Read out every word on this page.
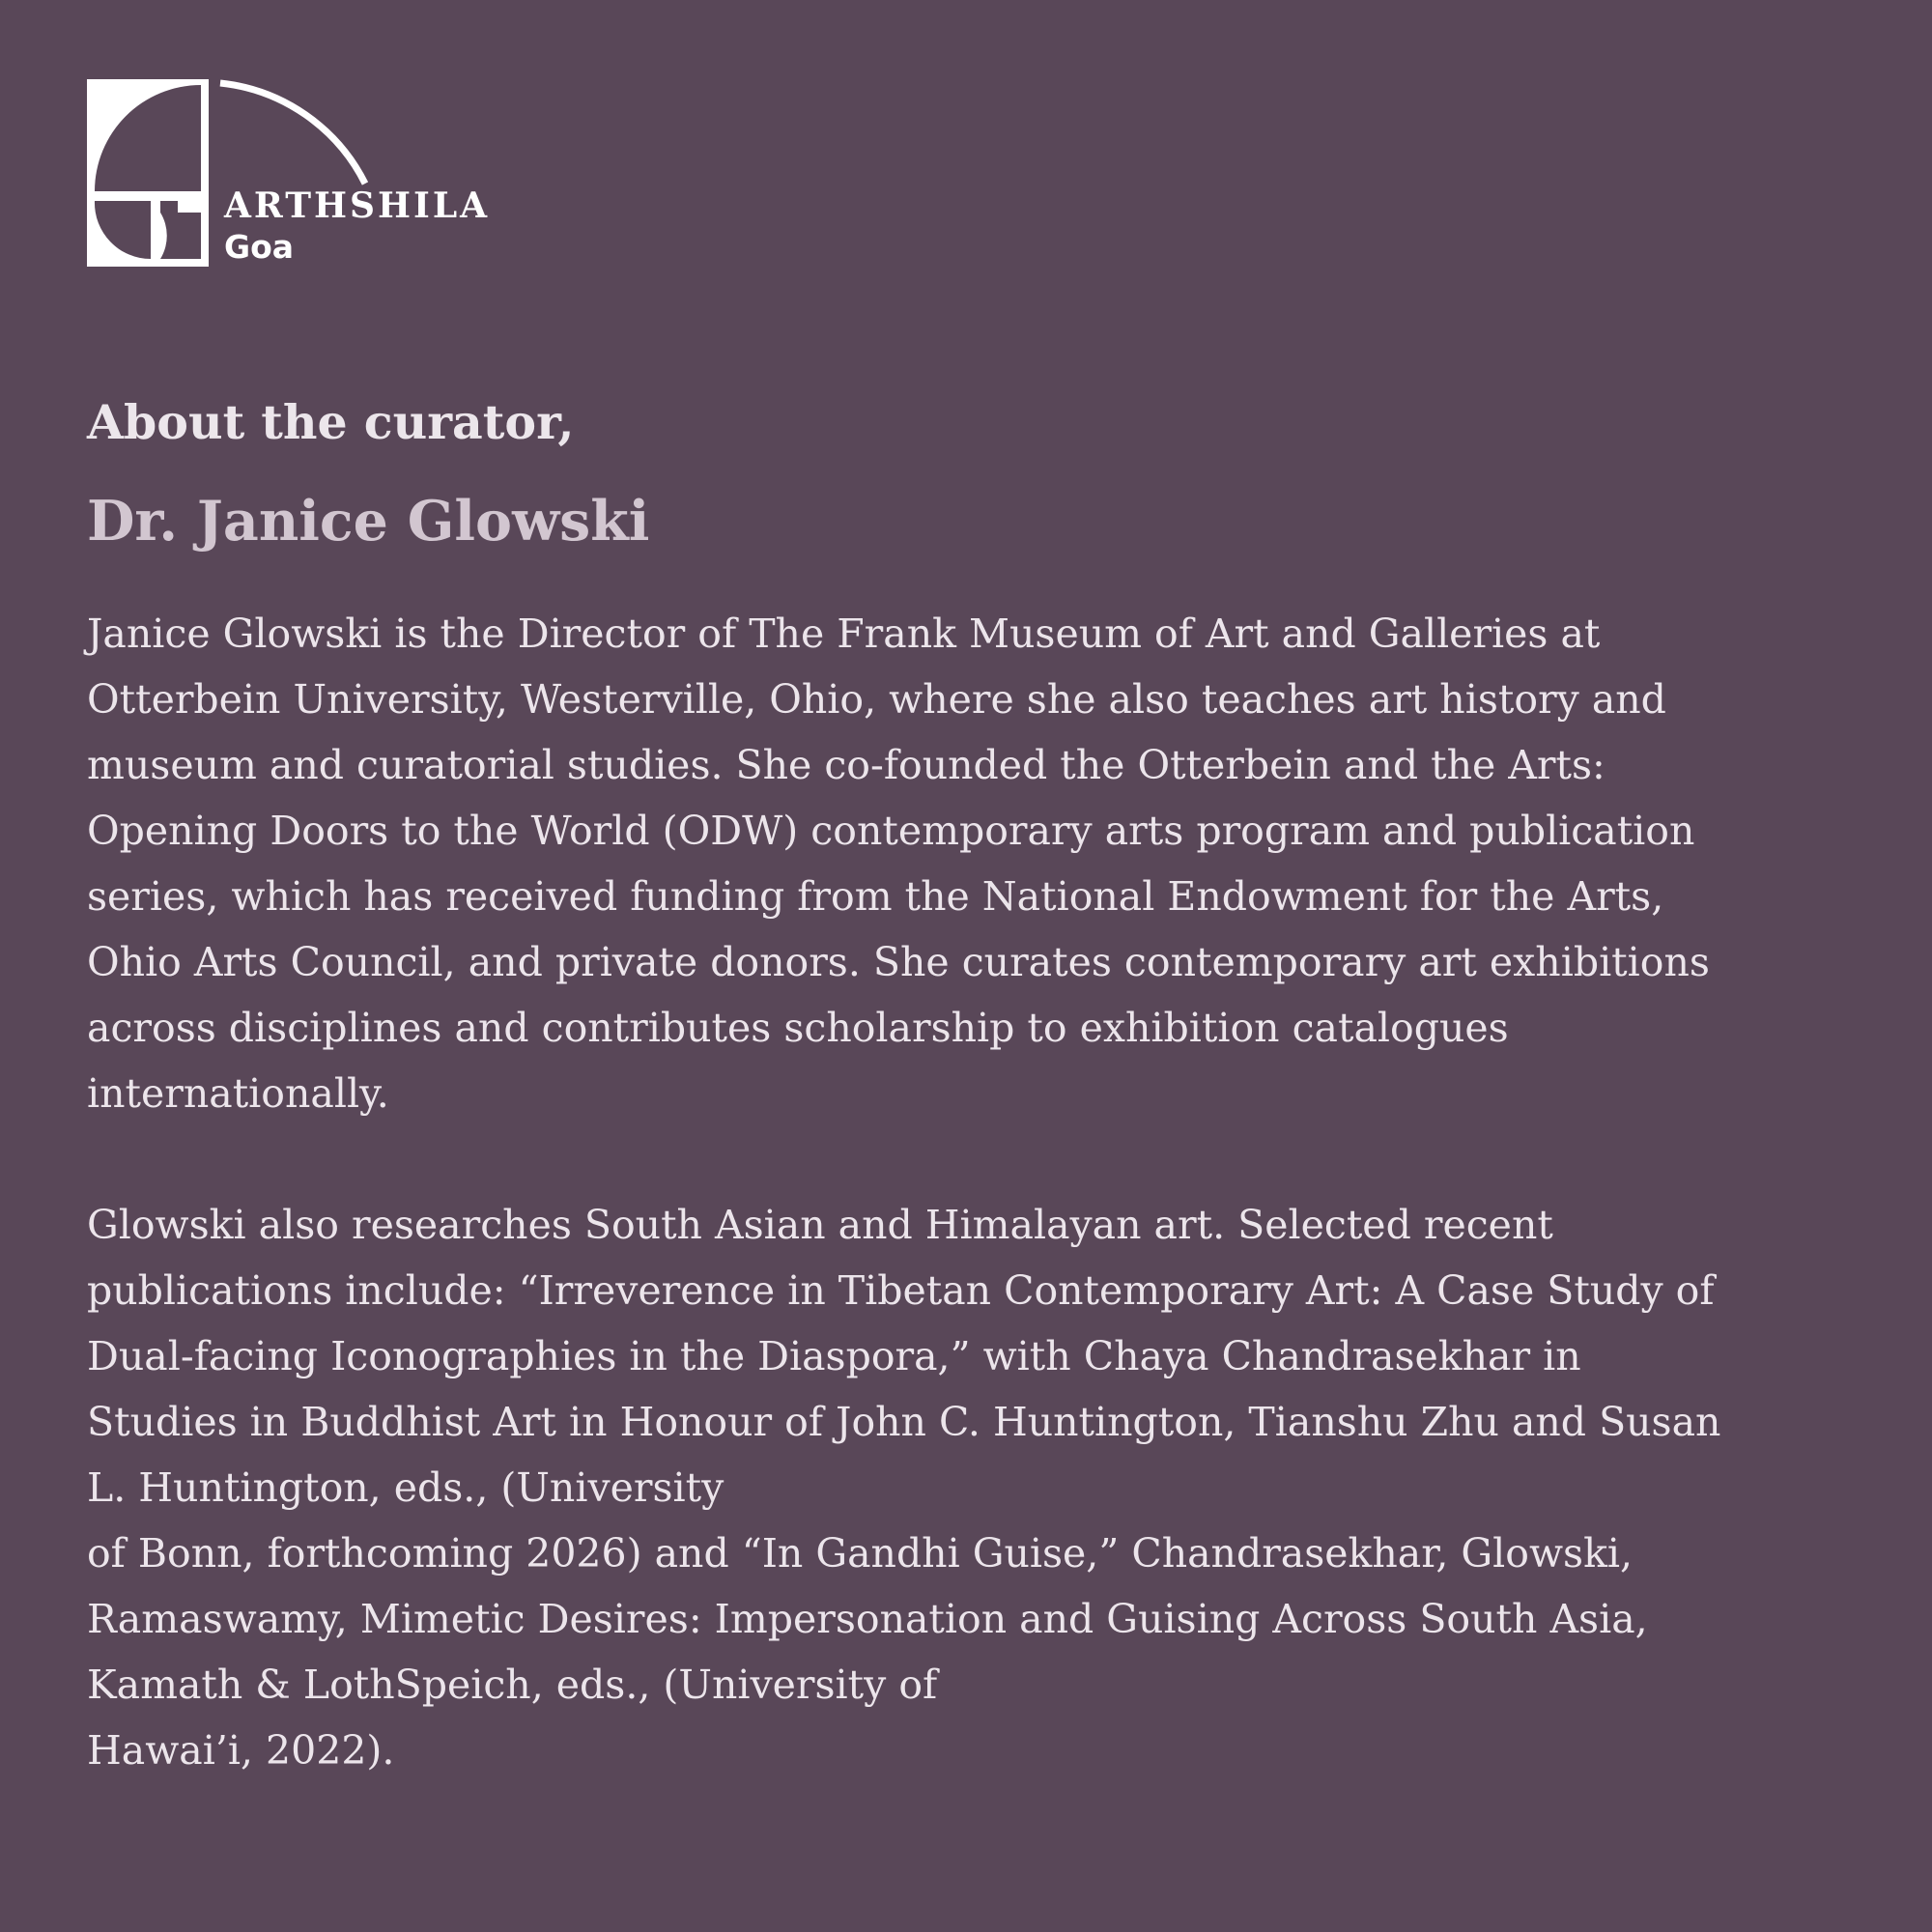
ARTHSHILA
Goa
About the curator,
Dr. Janice Glowski

Janice Glowski is the Director of The Frank Museum of Art and Galleries at
Otterbein University, Westerville, Ohio, where she also teaches art history and
museum and curatorial studies. She co-founded the Otterbein and the Arts:
Opening Doors to the World (ODW) contemporary arts program and publication
series, which has received funding from the National Endowment for the Arts,
Ohio Arts Council, and private donors. She curates contemporary art exhibitions
across disciplines and contributes scholarship to exhibition catalogues
internationally.

Glowski also researches South Asian and Himalayan art. Selected recent
publications include: “Irreverence in Tibetan Contemporary Art: A Case Study of
Dual-facing Iconographies in the Diaspora,” with Chaya Chandrasekhar in
Studies in Buddhist Art in Honour of John C. Huntington, Tianshu Zhu and Susan
L. Huntington, eds., (University
of Bonn, forthcoming 2026) and “In Gandhi Guise,” Chandrasekhar, Glowski,
Ramaswamy, Mimetic Desires: Impersonation and Guising Across South Asia,
Kamath & LothSpeich, eds., (University of
Hawai’i, 2022).
